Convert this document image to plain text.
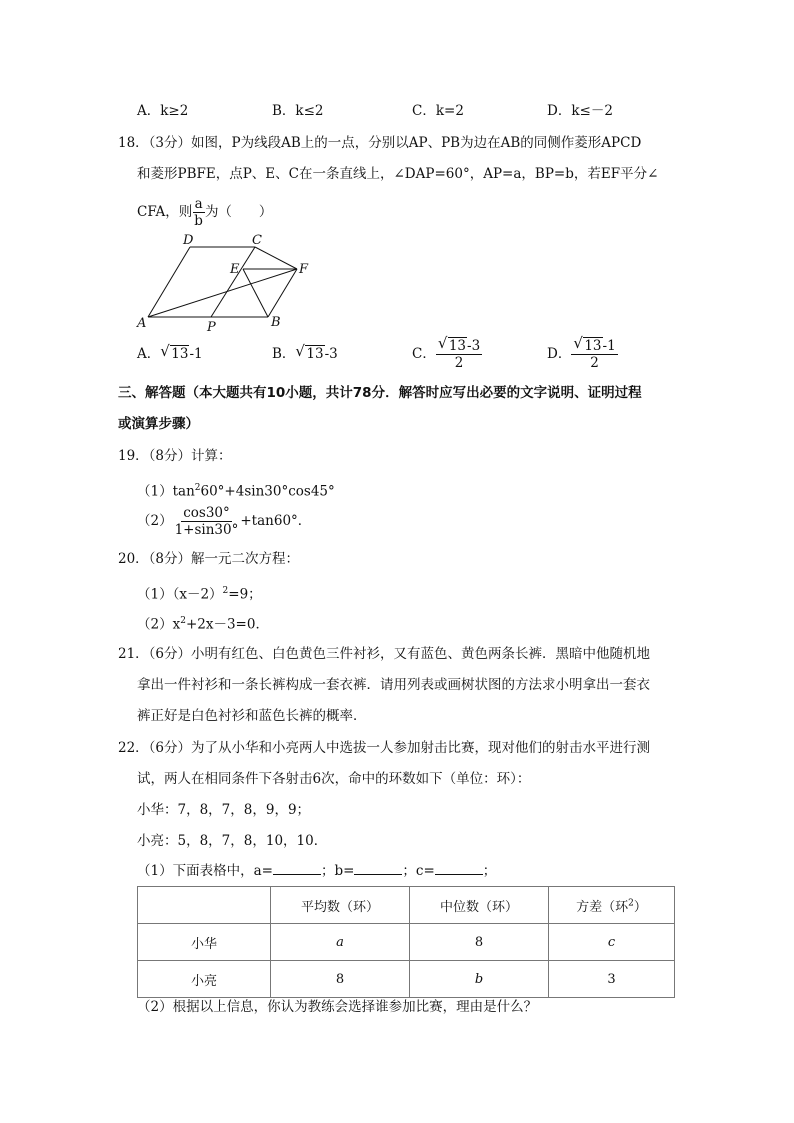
A．k≥2	B．k≤2	C．k=2	D．k≤－2
18．（3分）如图，P为线段AB上的一点，分别以AP、PB为边在AB的同侧作菱形APCD
和菱形PBFE，点P、E、C在一条直线上，∠DAP=60°，AP=a，BP=b，若EF平分∠
CFA，则 $\frac{a}{b}$ 为（　　）
D	C
E	F
A	P	B
A． √ 13-1	B． √ 13-3	C． $\frac{√ 13-3}{2}$	D． $\frac{√ 13-1}{2}$
三、解答题（本大题共有10小题，共计78分．解答时应写出必要的文字说明、证明过程
或演算步骤）
19．（8分）计算：
$(1)\tan^260^\circ+4\sin 30^\circ\cos 45^\circ$
$(2) \frac{\cos 30^\circ}{1+\sin 30^\circ} +\tan 60^\circ$．
20．（8分）解一元二次方程：
$(1)(x-2)^2=9$；
$(2)x^2+2x-3=0$．
21．（6分）小明有红色、白色黄色三件衬衫，又有蓝色、黄色两条长裤．黑暗中他随机地
拿出一件衬衫和一条长裤构成一套衣裤．请用列表或画树状图的方法求小明拿出一套衣
裤正好是白色衬衫和蓝色长裤的概率．
22．（6分）为了从小华和小亮两人中选拔一人参加射击比赛，现对他们的射击水平进行测
试，两人在相同条件下各射击6次，命中的环数如下（单位：环）：
小华：7，8，7，8，9，9；
小亮：5，8，7，8，10，10．
（1）下面表格中，a=	；b=	；c=	；
	平均数（环）	中位数（环）	方差（环$^2$）
小华	a	8	c
小亮	8	b	3
（2）根据以上信息，你认为教练会选择谁参加比赛，理由是什么？
